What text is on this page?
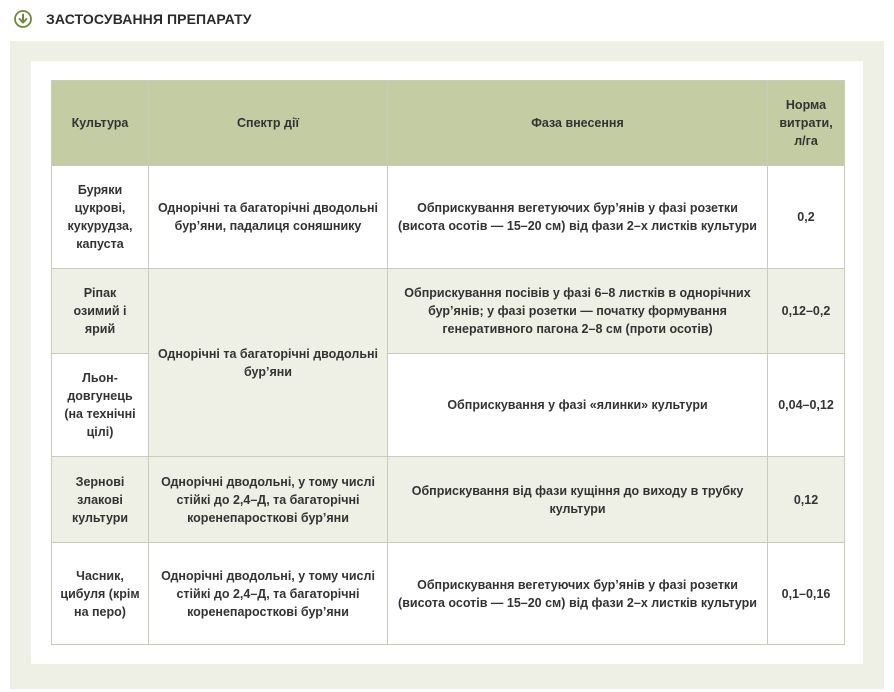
ЗАСТОСУВАННЯ ПРЕПАРАТУ
Культура	Спектр дії	Фаза внесення	Норма витрати, л/га
Буряки цукрові, кукурудза, капуста	Однорічні та багаторічні дводольні бур’яни, падалиця соняшнику	Обприскування вегетуючих бур’янів у фазі розетки (висота осотів — 15–20 см) від фази 2–х листків культури	0,2
Ріпак озимий і ярий	Однорічні та багаторічні дводольні бур’яни	Обприскування посівів у фазі 6–8 листків в однорічних бур’янів; у фазі розетки — початку формування генеративного пагона 2–8 см (проти осотів)	0,12–0,2
Льон-довгунець (на технічні цілі)		Обприскування у фазі «ялинки» культури	0,04–0,12
Зернові злакові культури	Однорічні дводольні, у тому числі стійкі до 2,4–Д, та багаторічні коренепаросткові бур’яни	Обприскування від фази кущіння до виходу в трубку культури	0,12
Часник, цибуля (крім на перо)	Однорічні дводольні, у тому числі стійкі до 2,4–Д, та багаторічні коренепаросткові бур’яни	Обприскування вегетуючих бур’янів у фазі розетки (висота осотів — 15–20 см) від фази 2–х листків культури	0,1–0,16
